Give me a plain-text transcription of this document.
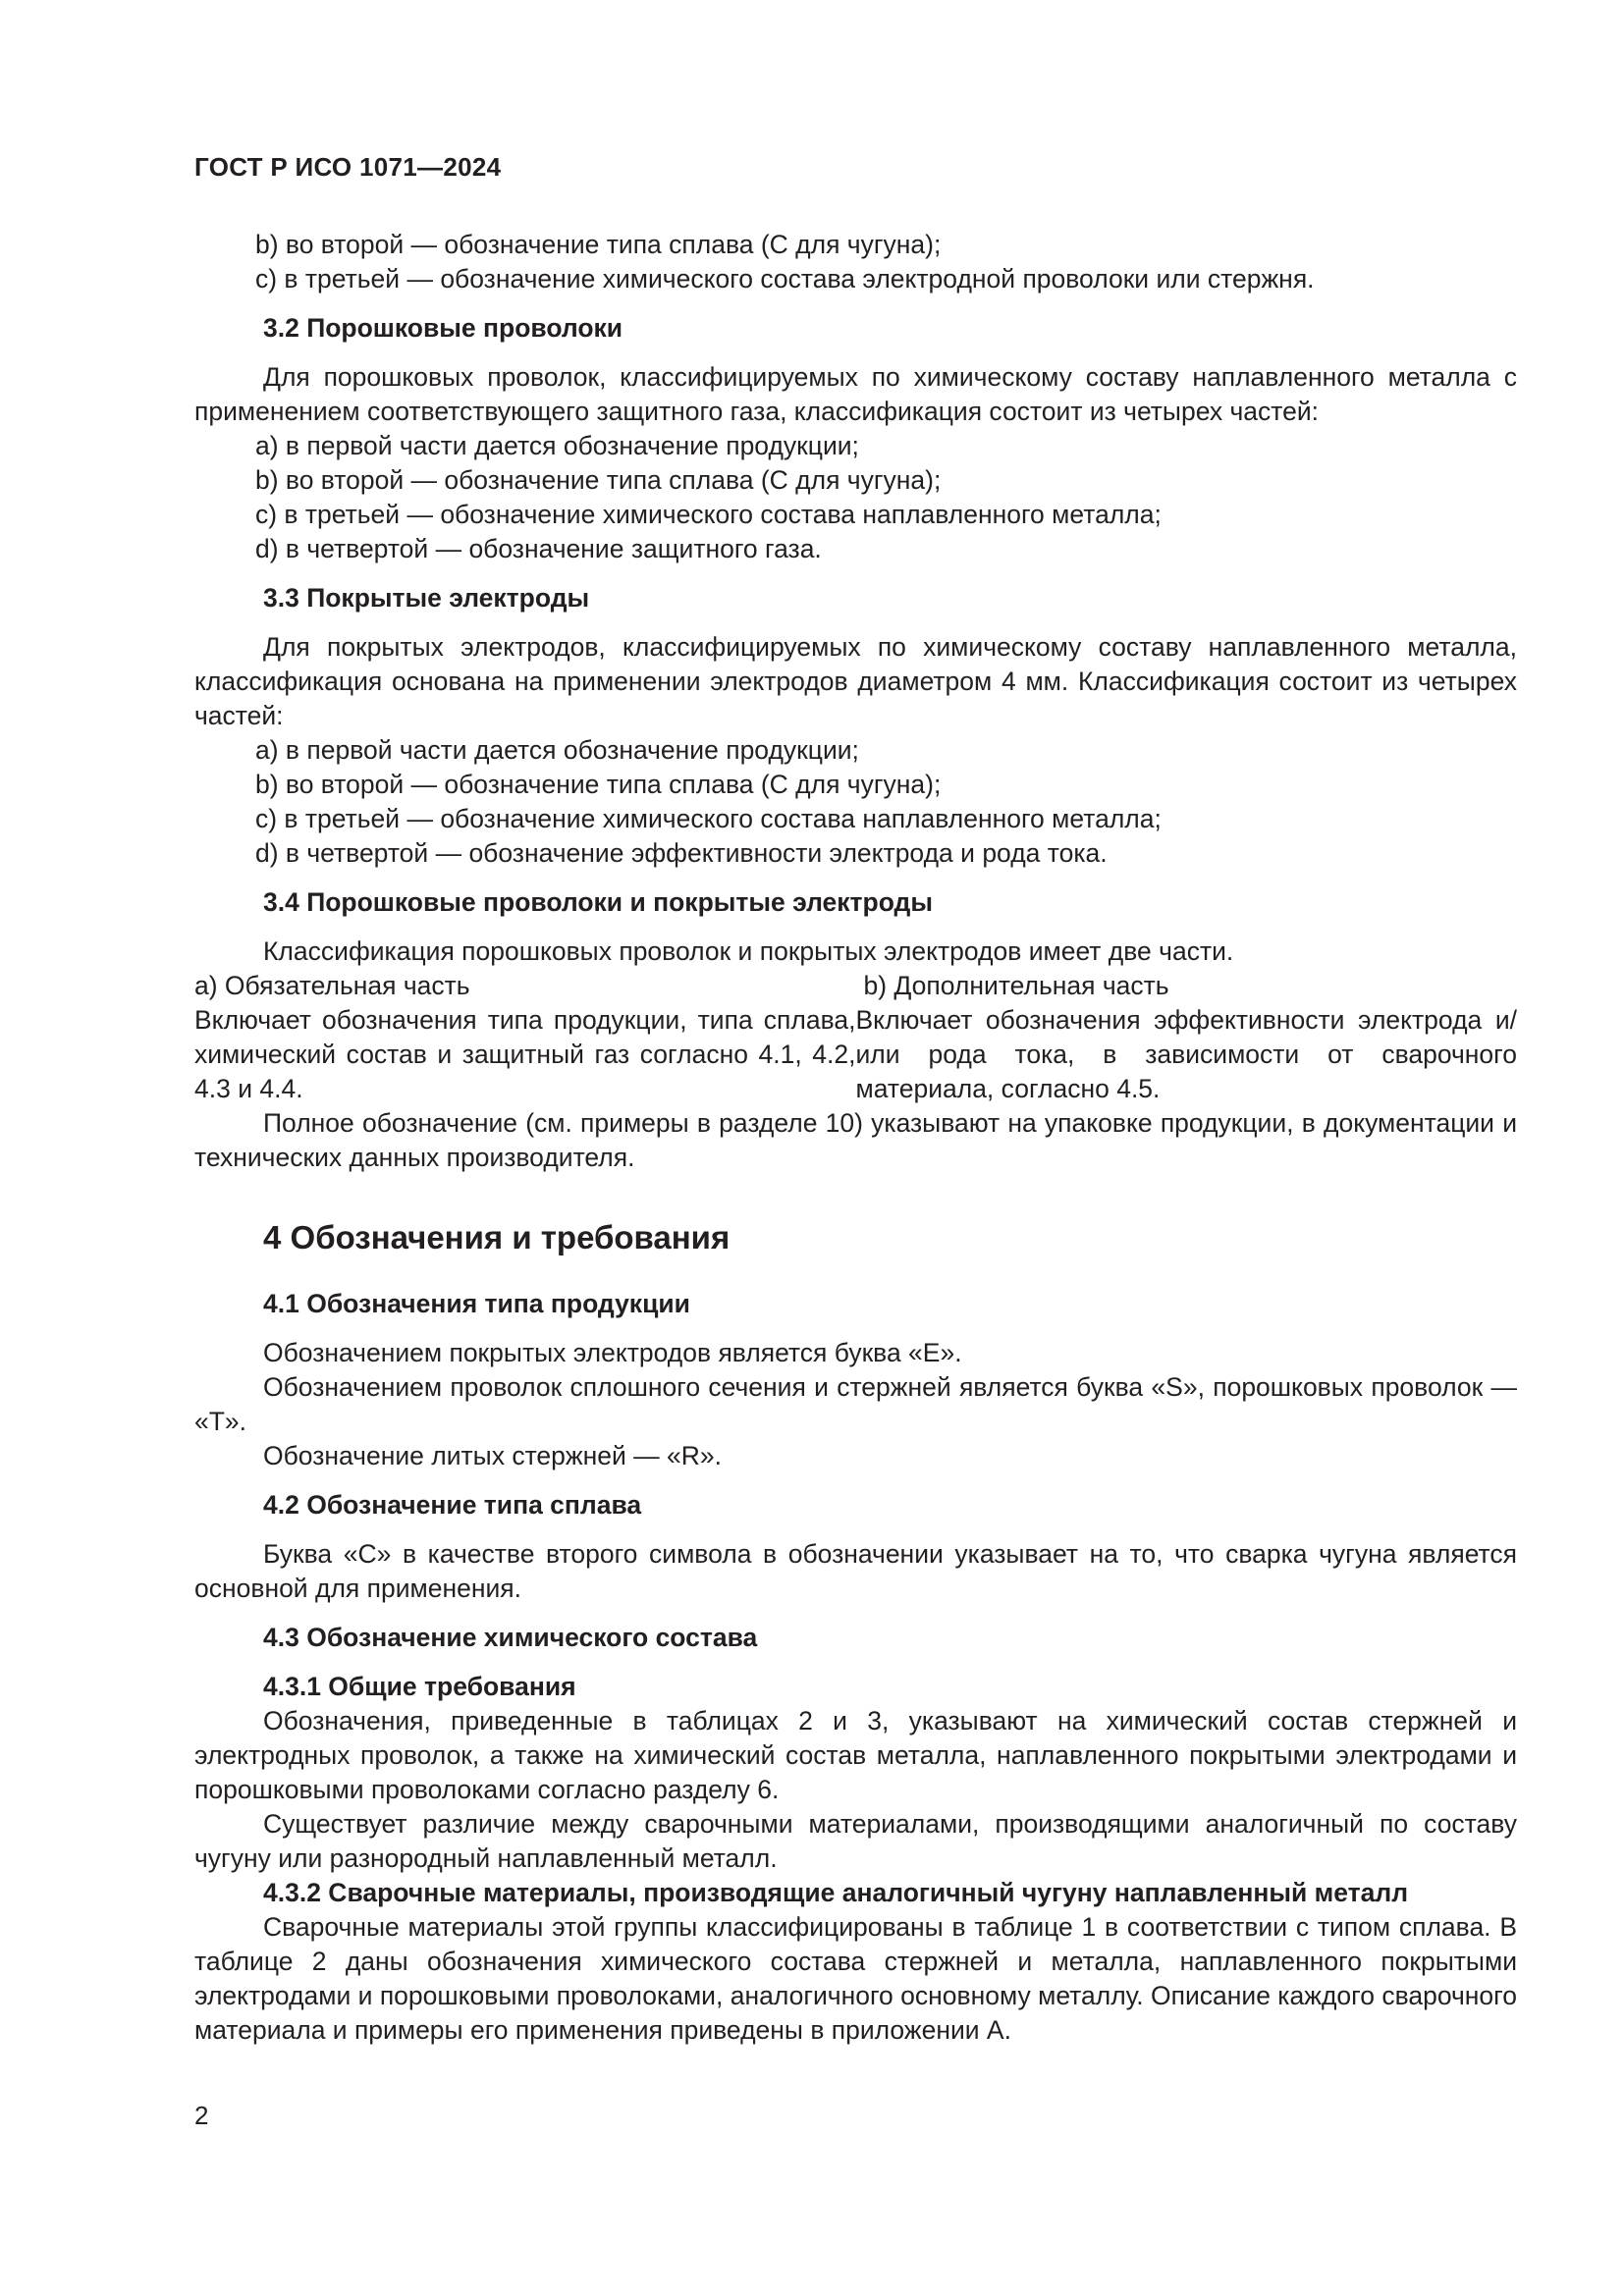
ГОСТ Р ИСО 1071—2024

b) во второй — обозначение типа сплава (С для чугуна);

c) в третьей — обозначение химического состава электродной проволоки или стержня.

3.2 Порошковые проволоки

Для порошковых проволок, классифицируемых по химическому составу наплавленного металла с применением соответствующего защитного газа, классификация состоит из четырех частей:

a) в первой части дается обозначение продукции;

b) во второй — обозначение типа сплава (С для чугуна);

c) в третьей — обозначение химического состава наплавленного металла;

d) в четвертой — обозначение защитного газа.

3.3 Покрытые электроды

Для покрытых электродов, классифицируемых по химическому составу наплавленного металла, классификация основана на применении электродов диаметром 4 мм. Классификация состоит из четырех частей:

a) в первой части дается обозначение продукции;

b) во второй — обозначение типа сплава (С для чугуна);

c) в третьей — обозначение химического состава наплавленного металла;

d) в четвертой — обозначение эффективности электрода и рода тока.

3.4 Порошковые проволоки и покрытые электроды

Классификация порошковых проволок и покрытых электродов имеет две части.

a) Обязательная часть

Включает обозначения типа продукции, типа сплава, химический состав и защитный газ согласно 4.1, 4.2, 4.3 и 4.4.

b) Дополнительная часть

Включает обозначения эффективности электрода и/или рода тока, в зависимости от сварочного материала, согласно 4.5.

Полное обозначение (см. примеры в разделе 10) указывают на упаковке продукции, в документации и технических данных производителя.

4 Обозначения и требования
4.1 Обозначения типа продукции

Обозначением покрытых электродов является буква «E».

Обозначением проволок сплошного сечения и стержней является буква «S», порошковых проволок — «T».

Обозначение литых стержней — «R».

4.2 Обозначение типа сплава

Буква «С» в качестве второго символа в обозначении указывает на то, что сварка чугуна является основной для применения.

4.3 Обозначение химического состава
4.3.1 Общие требования

Обозначения, приведенные в таблицах 2 и 3, указывают на химический состав стержней и электродных проволок, а также на химический состав металла, наплавленного покрытыми электродами и порошковыми проволоками согласно разделу 6.

Существует различие между сварочными материалами, производящими аналогичный по составу чугуну или разнородный наплавленный металл.

4.3.2 Сварочные материалы, производящие аналогичный чугуну наплавленный металл

Сварочные материалы этой группы классифицированы в таблице 1 в соответствии с типом сплава. В таблице 2 даны обозначения химического состава стержней и металла, наплавленного покрытыми электродами и порошковыми проволоками, аналогичного основному металлу. Описание каждого сварочного материала и примеры его применения приведены в приложении А.

2
